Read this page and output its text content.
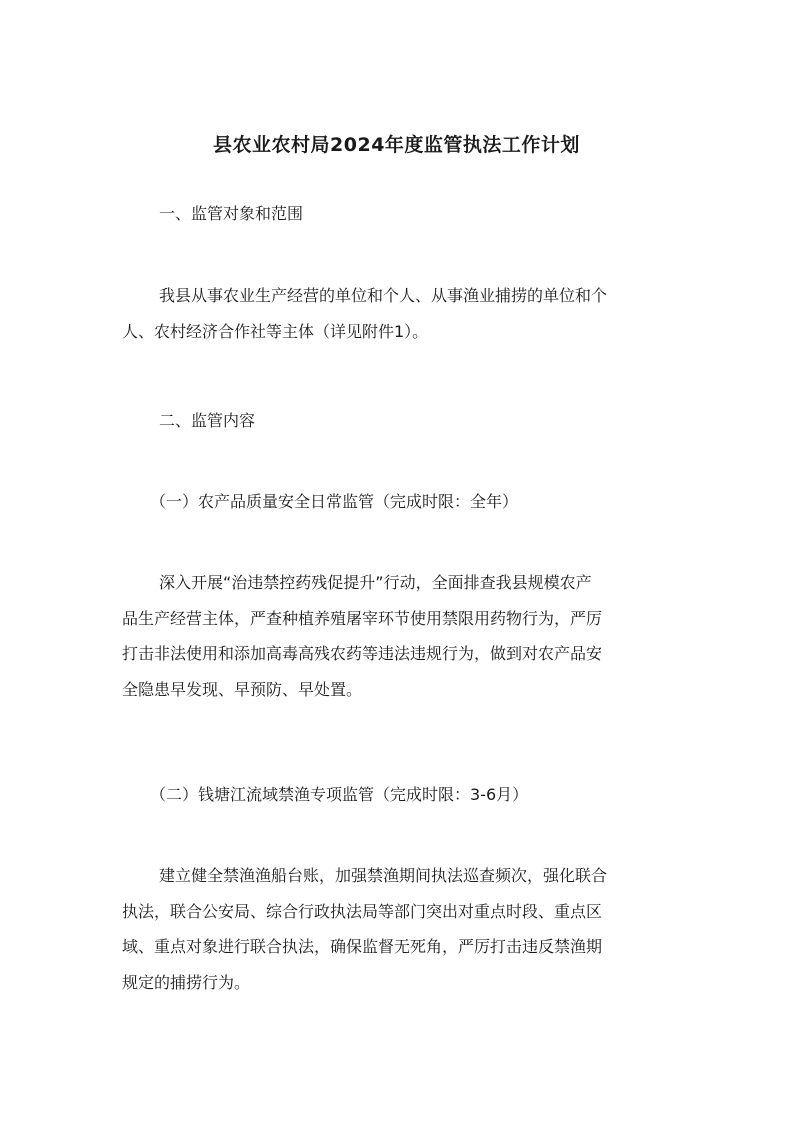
县农业农村局2024年度监管执法工作计划
一、监管对象和范围
我县从事农业生产经营的单位和个人、从事渔业捕捞的单位和个
人、农村经济合作社等主体（详见附件1）。
二、监管内容
（一）农产品质量安全日常监管（完成时限：全年）
深入开展“治违禁控药残促提升”行动，全面排查我县规模农产
品生产经营主体，严查种植养殖屠宰环节使用禁限用药物行为，严厉
打击非法使用和添加高毒高残农药等违法违规行为，做到对农产品安
全隐患早发现、早预防、早处置。
（二）钱塘江流域禁渔专项监管（完成时限：3-6月）
建立健全禁渔渔船台账，加强禁渔期间执法巡查频次，强化联合
执法，联合公安局、综合行政执法局等部门突出对重点时段、重点区
域、重点对象进行联合执法，确保监督无死角，严厉打击违反禁渔期
规定的捕捞行为。
